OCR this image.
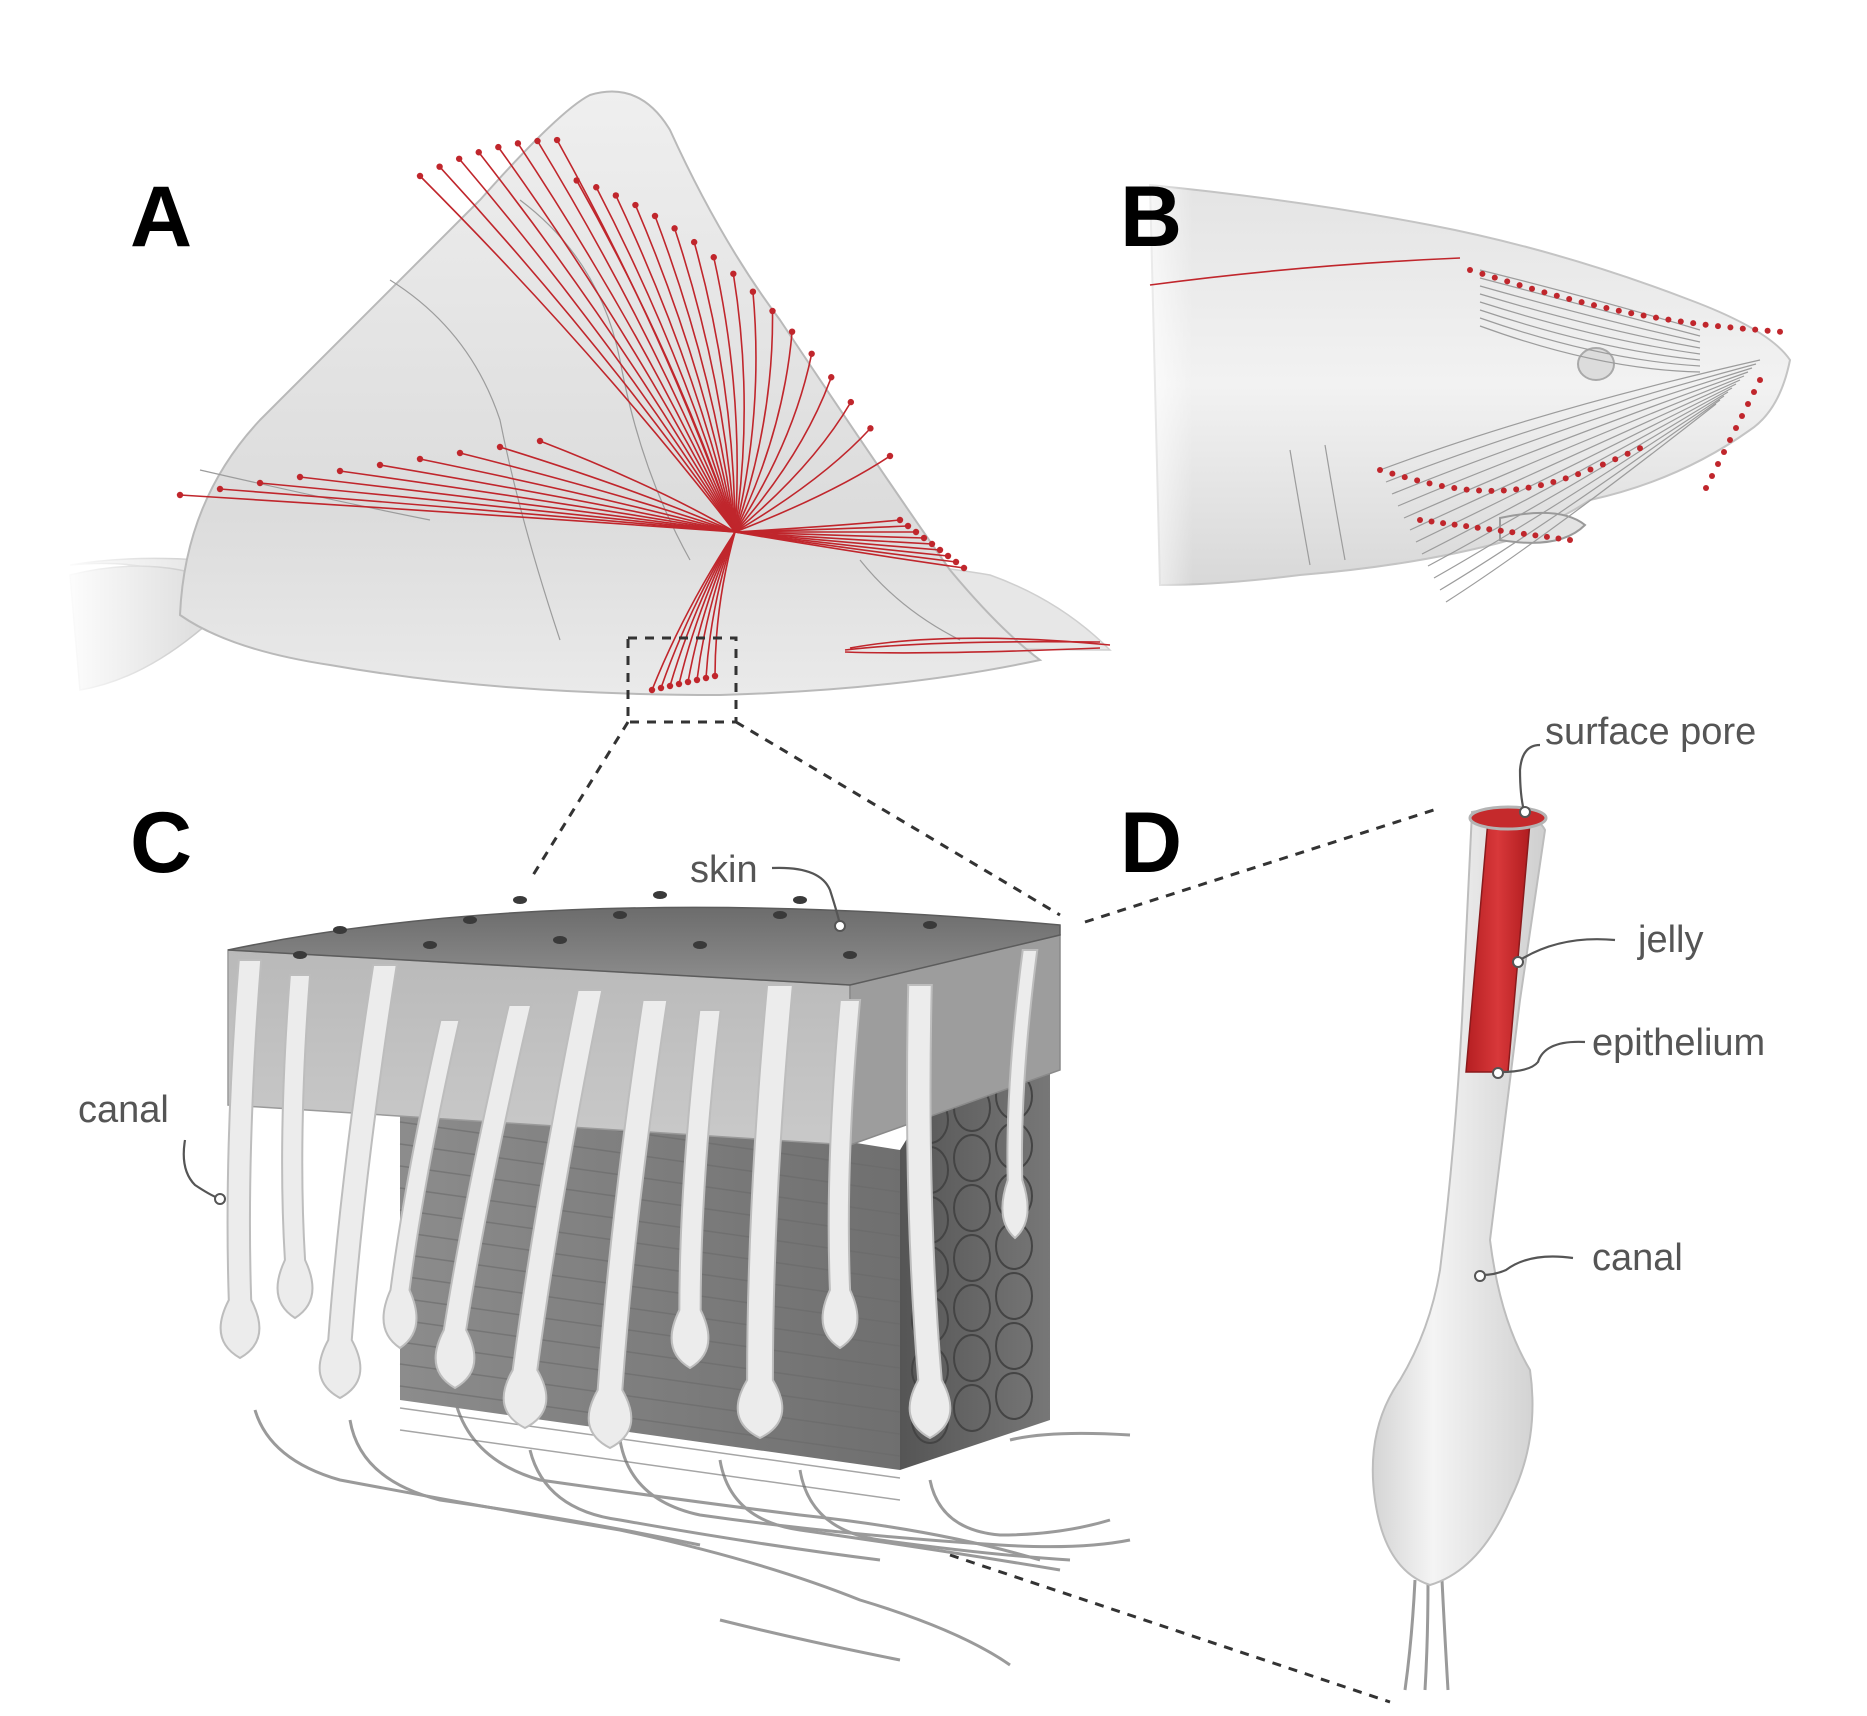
A	B
skin
canal
C
surface pore
jelly
epithelium
canal
D
